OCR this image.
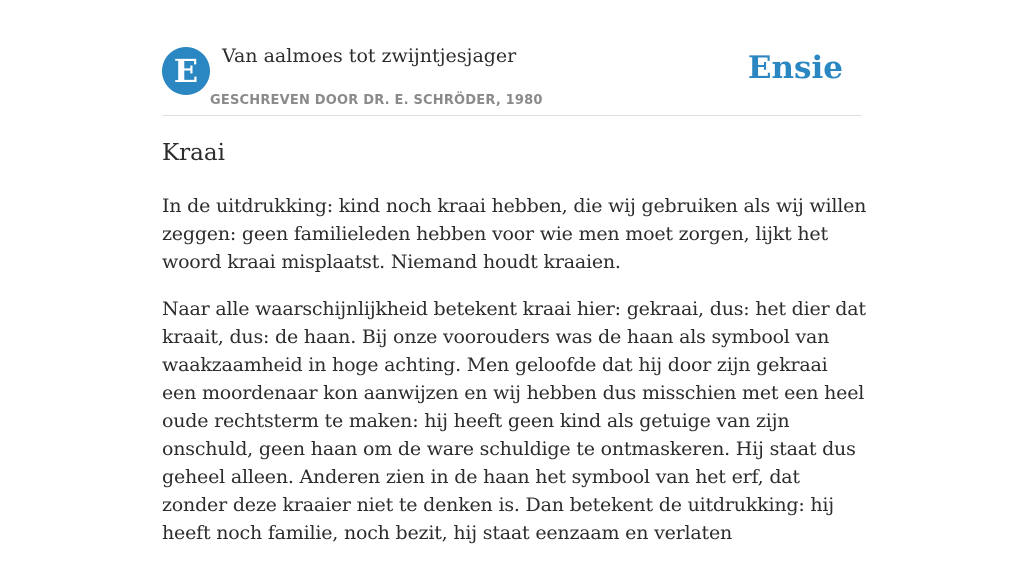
E	Van aalmoes tot zwijntjesjager
GESCHREVEN DOOR DR. E. SCHRÖDER, 1980
Ensie
Kraai

In de uitdrukking: kind noch kraai hebben, die wij gebruiken als wij willen zeggen: geen familieleden hebben voor wie men moet zorgen, lijkt het woord kraai misplaatst. Niemand houdt kraaien.

Naar alle waarschijnlijkheid betekent kraai hier: gekraai, dus: het dier dat kraait, dus: de haan. Bij onze voorouders was de haan als symbool van waakzaamheid in hoge achting. Men geloofde dat hij door zijn gekraai een moordenaar kon aanwijzen en wij hebben dus misschien met een heel oude rechtsterm te maken: hij heeft geen kind als getuige van zijn onschuld, geen haan om de ware schuldige te ontmaskeren. Hij staat dus geheel alleen. Anderen zien in de haan het symbool van het erf, dat zonder deze kraaier niet te denken is. Dan betekent de uitdrukking: hij heeft noch familie, noch bezit, hij staat eenzaam en verlaten
